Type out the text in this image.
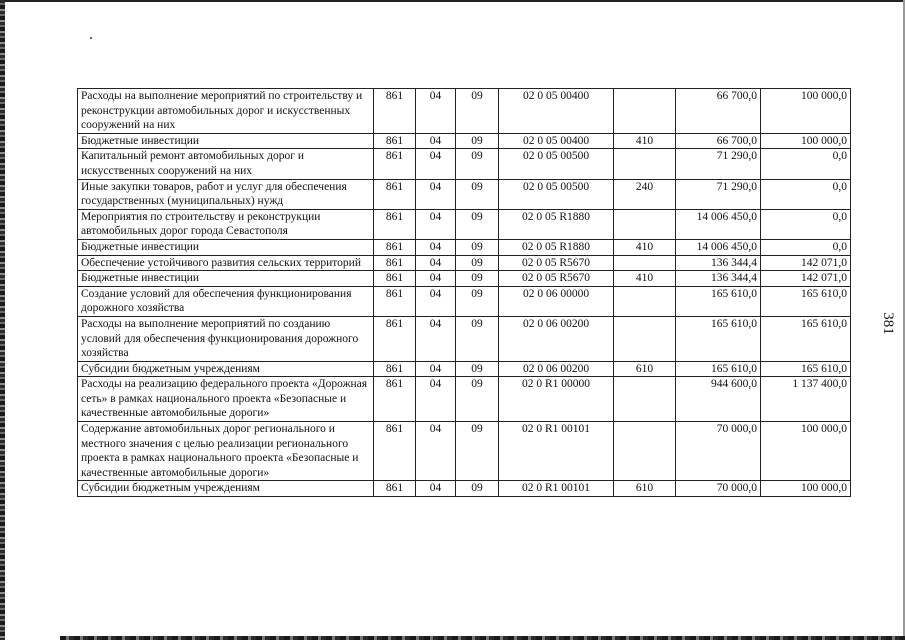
381
Расходы на выполнение мероприятий по строительству и реконструкции автомобильных дорог и искусственных сооружений на них	861	04	09	02 0 05 00400		66 700,0	100 000,0
Бюджетные инвестиции	861	04	09	02 0 05 00400	410	66 700,0	100 000,0
Капитальный ремонт автомобильных дорог и искусственных сооружений на них	861	04	09	02 0 05 00500		71 290,0	0,0
Иные закупки товаров, работ и услуг для обеспечения государственных (муниципальных) нужд	861	04	09	02 0 05 00500	240	71 290,0	0,0
Мероприятия по строительству и реконструкции автомобильных дорог города Севастополя	861	04	09	02 0 05 R1880		14 006 450,0	0,0
Бюджетные инвестиции	861	04	09	02 0 05 R1880	410	14 006 450,0	0,0
Обеспечение устойчивого развития сельских территорий	861	04	09	02 0 05 R5670		136 344,4	142 071,0
Бюджетные инвестиции	861	04	09	02 0 05 R5670	410	136 344,4	142 071,0
Создание условий для обеспечения функционирования дорожного хозяйства	861	04	09	02 0 06 00000		165 610,0	165 610,0
Расходы на выполнение мероприятий по созданию условий для обеспечения функционирования дорожного хозяйства	861	04	09	02 0 06 00200		165 610,0	165 610,0
Субсидии бюджетным учреждениям	861	04	09	02 0 06 00200	610	165 610,0	165 610,0
Расходы на реализацию федерального проекта «Дорожная сеть» в рамках национального проекта «Безопасные и качественные автомобильные дороги»	861	04	09	02 0 R1 00000		944 600,0	1 137 400,0
Содержание автомобильных дорог регионального и местного значения с целью реализации регионального проекта в рамках национального проекта «Безопасные и качественные автомобильные дороги»	861	04	09	02 0 R1 00101		70 000,0	100 000,0
Субсидии бюджетным учреждениям	861	04	09	02 0 R1 00101	610	70 000,0	100 000,0
